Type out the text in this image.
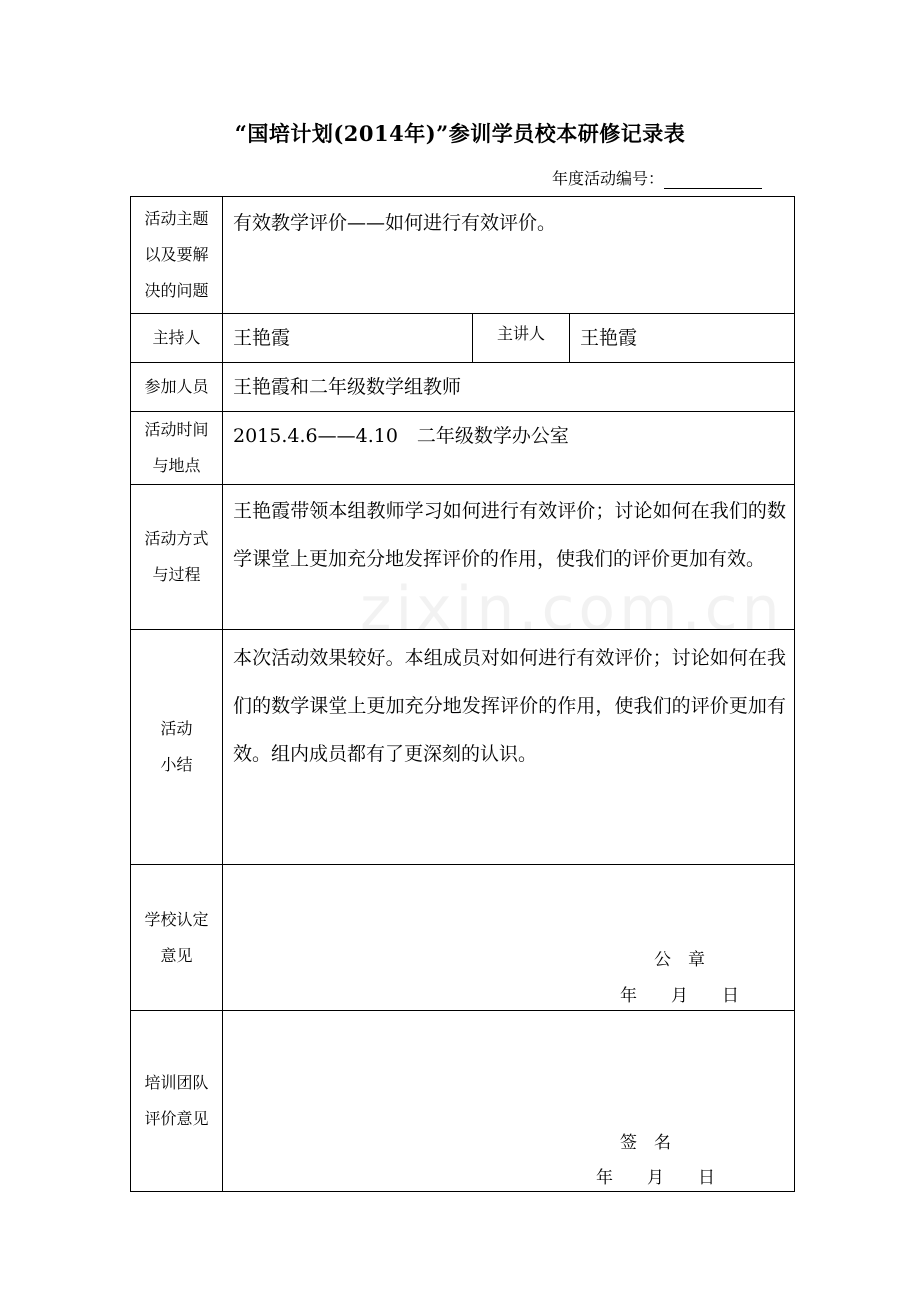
“国培计划(2014年)”参训学员校本研修记录表
年度活动编号：
zixin.com.cn
活动主题以及要解决的问题	有效教学评价——如何进行有效评价。		
主持人	王艳霞	主讲人	王艳霞
参加人员	王艳霞和二年级数学组教师		
活动时间与地点	2015.4.6——4.10　二年级数学办公室		
活动方式与过程	王艳霞带领本组教师学习如何进行有效评价；讨论如何在我们的数学课堂上更加充分地发挥评价的作用，使我们的评价更加有效。		
活动
小结	本次活动效果较好。本组成员对如何进行有效评价；讨论如何在我们的数学课堂上更加充分地发挥评价的作用，使我们的评价更加有效。组内成员都有了更深刻的认识。		
学校认定
意见	公　章
年　　月　　日		

培训团队
评价意见	签　名
年　　月　　日		
